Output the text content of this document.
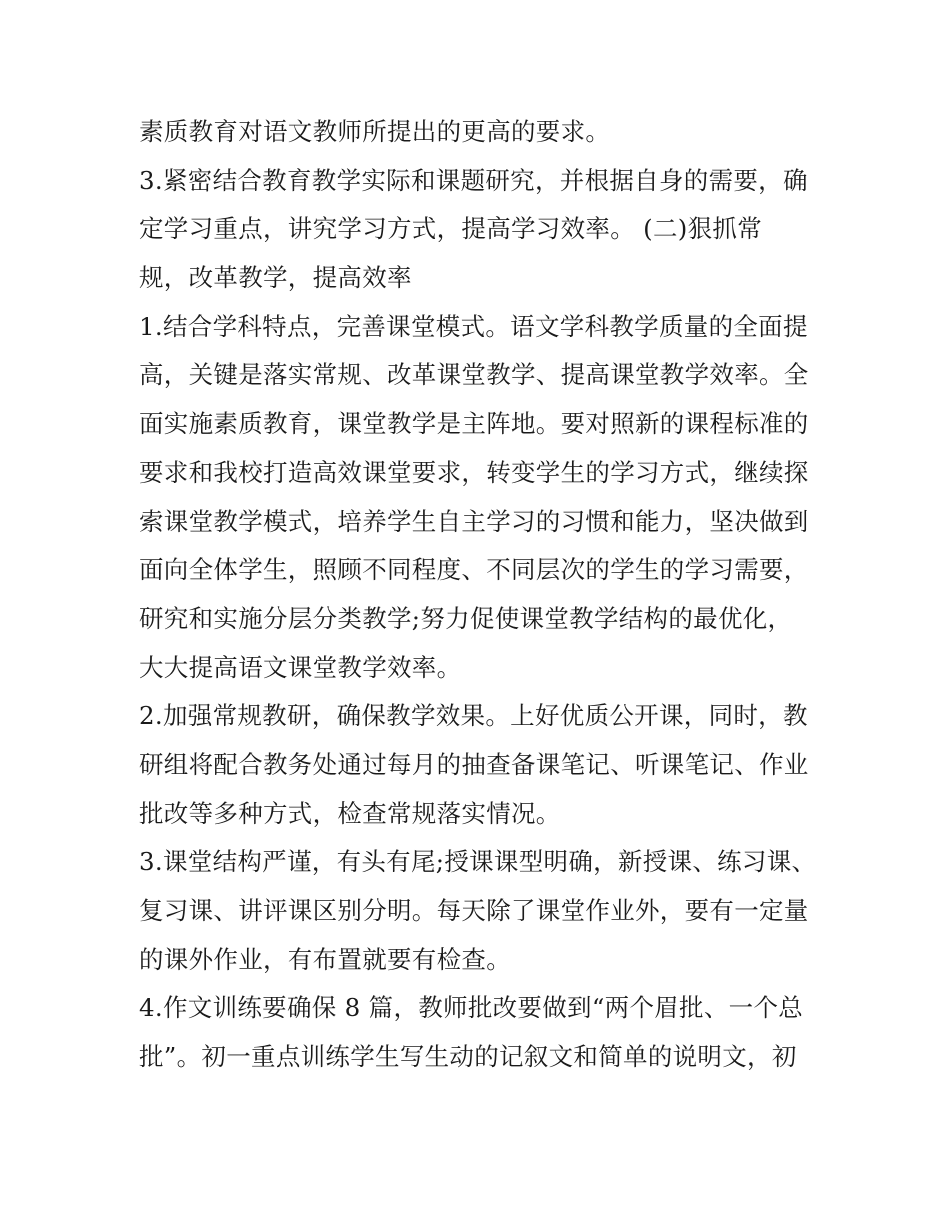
素质教育对语文教师所提出的更高的要求。
3.紧密结合教育教学实际和课题研究，并根据自身的需要，确
定学习重点，讲究学习方式，提高学习效率。 (二)狠抓常
规，改革教学，提高效率
1.结合学科特点，完善课堂模式。语文学科教学质量的全面提
高，关键是落实常规、改革课堂教学、提高课堂教学效率。全
面实施素质教育，课堂教学是主阵地。要对照新的课程标准的
要求和我校打造高效课堂要求，转变学生的学习方式，继续探
索课堂教学模式，培养学生自主学习的习惯和能力，坚决做到
面向全体学生，照顾不同程度、不同层次的学生的学习需要，
研究和实施分层分类教学;努力促使课堂教学结构的最优化，
大大提高语文课堂教学效率。
2.加强常规教研，确保教学效果。上好优质公开课，同时，教
研组将配合教务处通过每月的抽查备课笔记、听课笔记、作业
批改等多种方式，检查常规落实情况。
3.课堂结构严谨，有头有尾;授课课型明确，新授课、练习课、
复习课、讲评课区别分明。每天除了课堂作业外，要有一定量
的课外作业，有布置就要有检查。
4.作文训练要确保 8 篇，教师批改要做到“两个眉批、一个总
批”。初一重点训练学生写生动的记叙文和简单的说明文，初
